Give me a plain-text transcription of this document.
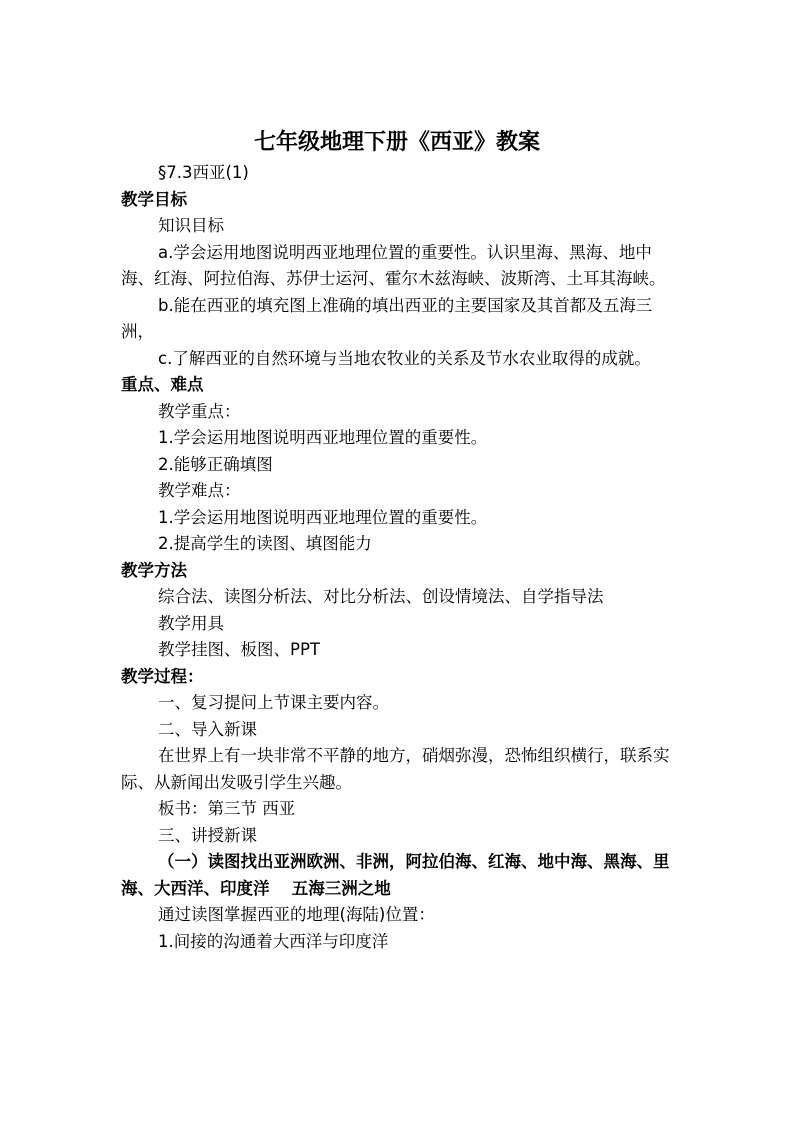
七年级地理下册《西亚》教案

§7.3西亚(1)

教学目标

知识目标

a.学会运用地图说明西亚地理位置的重要性。认识里海、黑海、地中海、红海、阿拉伯海、苏伊士运河、霍尔木兹海峡、波斯湾、土耳其海峡。

b.能在西亚的填充图上准确的填出西亚的主要国家及其首都及五海三洲，

c.了解西亚的自然环境与当地农牧业的关系及节水农业取得的成就。

重点、难点

教学重点：

1.学会运用地图说明西亚地理位置的重要性。

2.能够正确填图

教学难点：

1.学会运用地图说明西亚地理位置的重要性。

2.提高学生的读图、填图能力

教学方法

综合法、读图分析法、对比分析法、创设情境法、自学指导法

教学用具

教学挂图、板图、PPT

教学过程：

一、复习提问上节课主要内容。

二、导入新课

在世界上有一块非常不平静的地方，硝烟弥漫，恐怖组织横行，联系实际、从新闻出发吸引学生兴趣。

板书：第三节 西亚

三、讲授新课

（一）读图找出亚洲欧洲、非洲，阿拉伯海、红海、地中海、黑海、里海、大西洋、印度洋　 五海三洲之地

通过读图掌握西亚的地理(海陆)位置：

1.间接的沟通着大西洋与印度洋
